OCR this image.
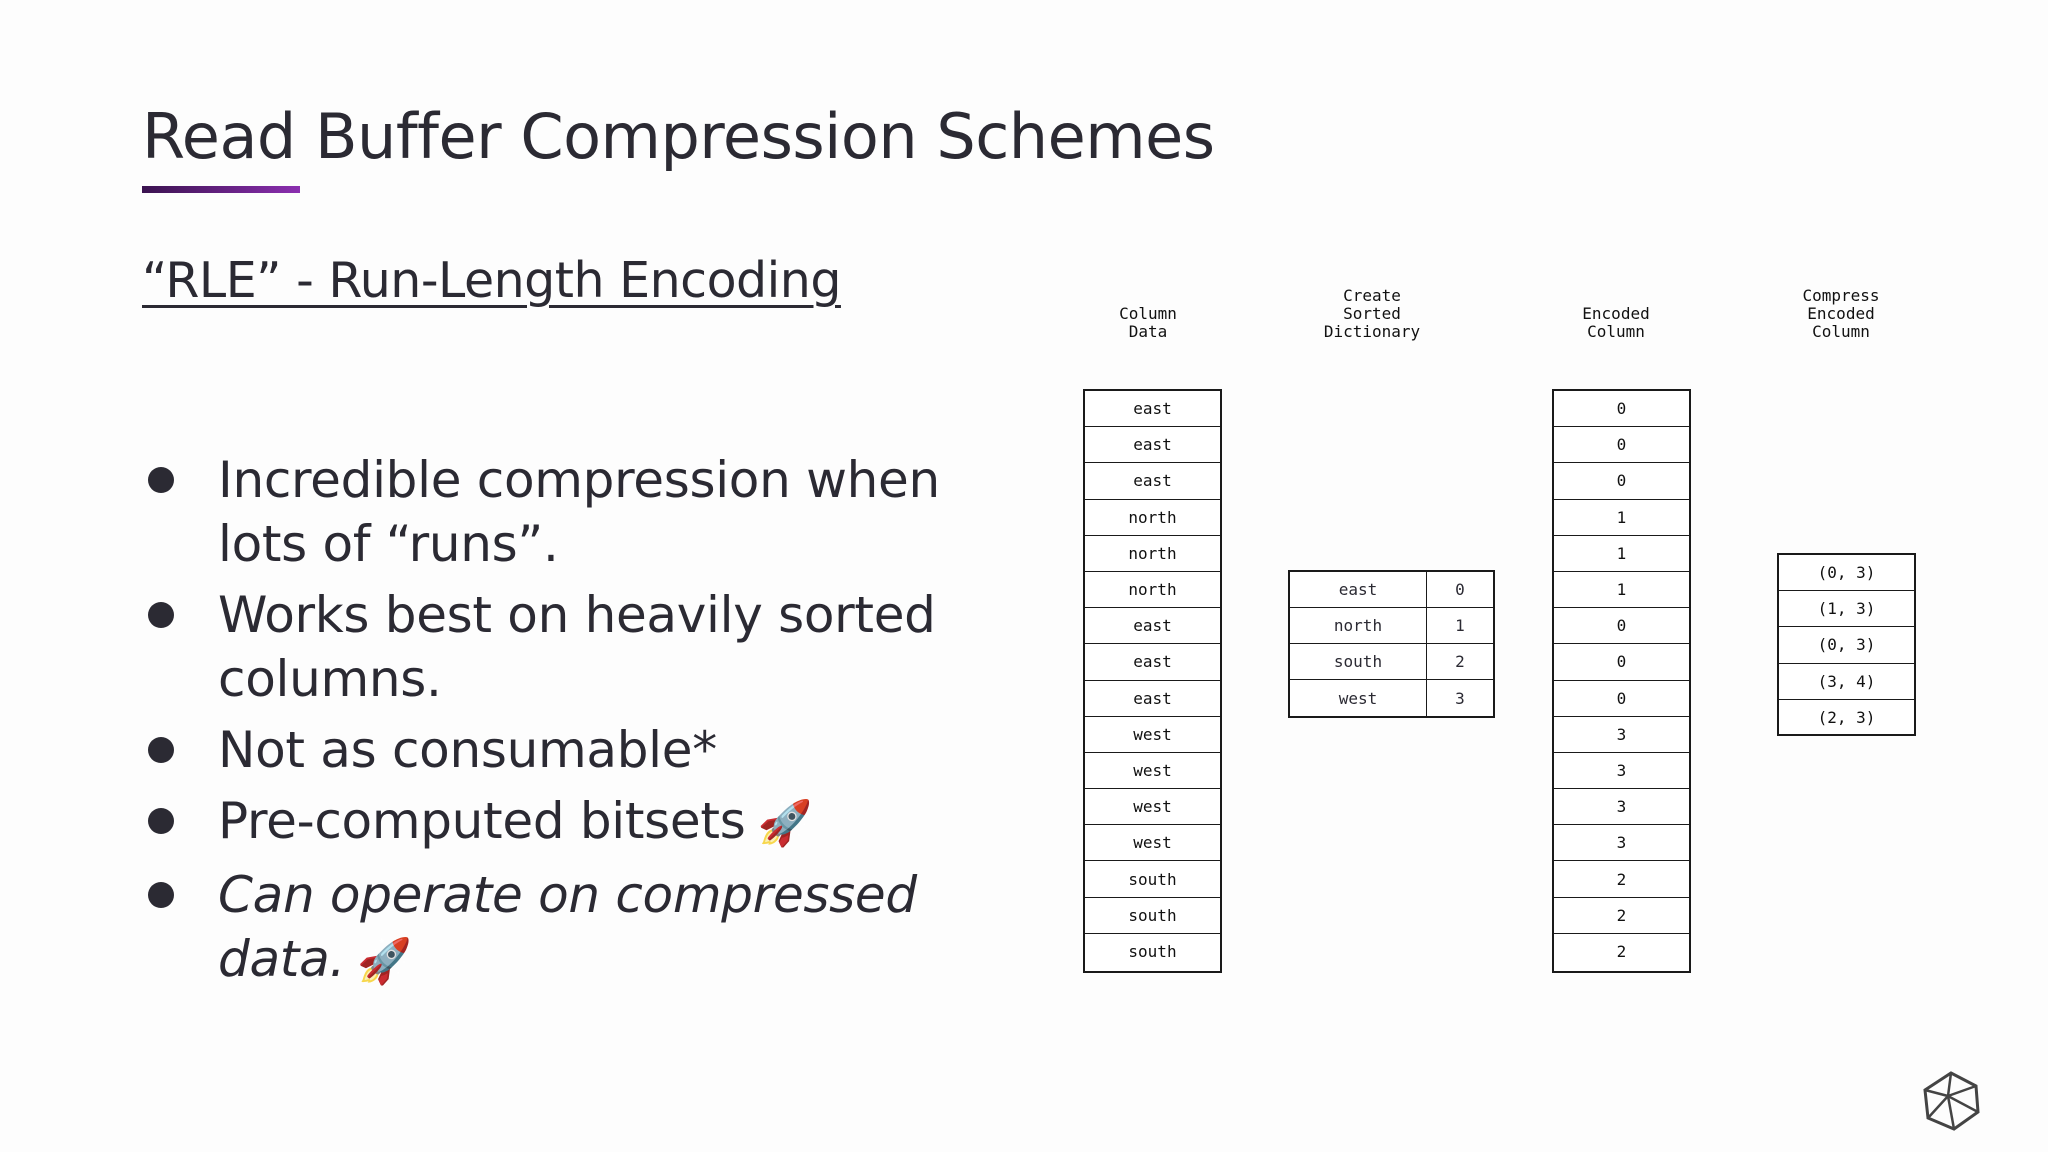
Read Buffer Compression Schemes
“RLE” - Run-Length Encoding
Incredible compression when lots of “runs”.
Works best on heavily sorted columns.
Not as consumable*
Pre-computed bitsets 🚀
Can operate on compressed data. 🚀
Column
Data
Create
Sorted
Dictionary
Encoded
Column
Compress
Encoded
Column
east
east
east
north
north
north
east
east
east
west
west
west
west
south
south
south
east	0
north	1
south	2
west	3
0
0
0
1
1
1
0
0
0
3
3
3
3
2
2
2
(0, 3)
(1, 3)
(0, 3)
(3, 4)
(2, 3)
